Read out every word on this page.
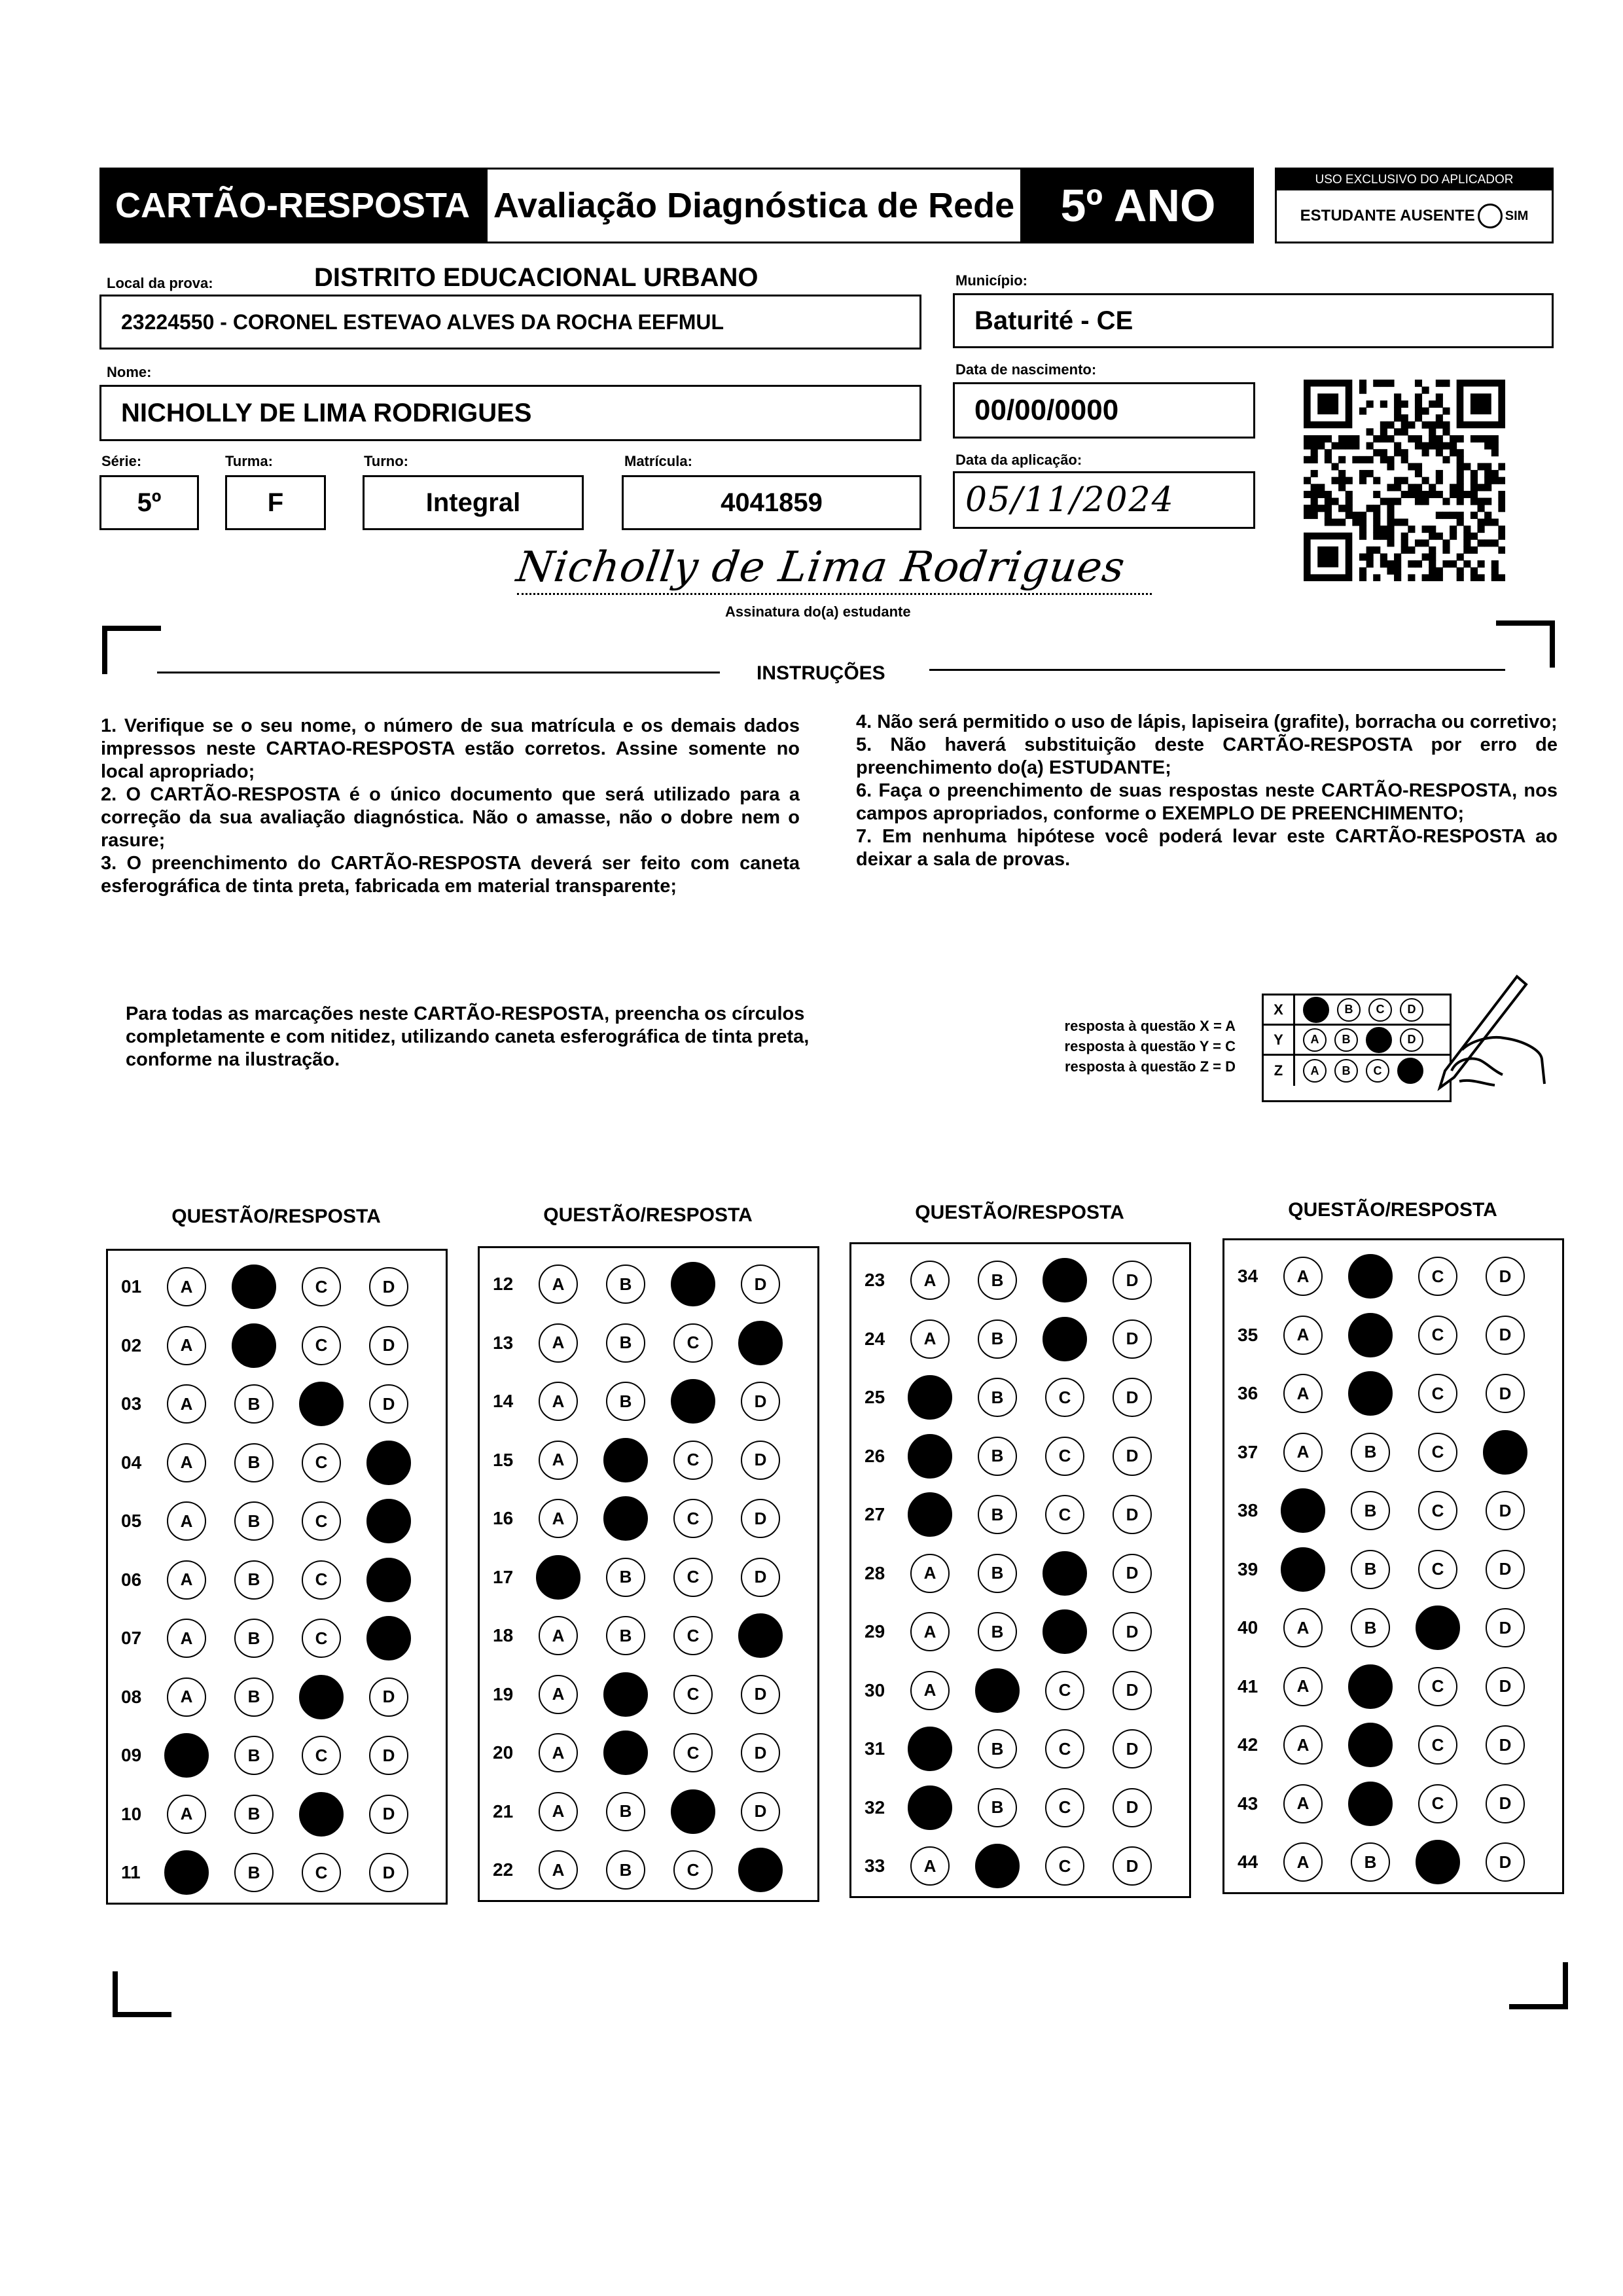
CARTÃO-RESPOSTA Avaliação Diagnóstica de Rede	5º ANO
USO EXCLUSIVO DO APLICADOR
ESTUDANTE AUSENTE SIM
Local da prova:	DISTRITO EDUCACIONAL URBANO
23224550 - CORONEL ESTEVAO ALVES DA ROCHA EEFMUL
Município:
Baturité - CE
Nome:
NICHOLLY DE LIMA RODRIGUES
Data de nascimento:
00/00/0000
Série:
5º
Turma:
F
Turno:
Integral
Matrícula:
4041859
Data da aplicação:
05/11/2024
Nicholly de Lima Rodrigues
Assinatura do(a) estudante
INSTRUÇÕES

1. Verifique se o seu nome, o número de sua matrícula e os demais dados impressos neste CARTAO-RESPOSTA estão corretos. Assine somente no local apropriado;

2. O CARTÃO-RESPOSTA é o único documento que será utilizado para a correção da sua avaliação diagnóstica. Não o amasse, não o dobre nem o rasure;

3. O preenchimento do CARTÃO-RESPOSTA deverá ser feito com caneta esferográfica de tinta preta, fabricada em material transparente;

4. Não será permitido o uso de lápis, lapiseira (grafite), borracha ou corretivo;

5. Não haverá substituição deste CARTÃO-RESPOSTA por erro de preenchimento do(a) ESTUDANTE;

6. Faça o preenchimento de suas respostas neste CARTÃO-RESPOSTA, nos campos apropriados, conforme o EXEMPLO DE PREENCHIMENTO;

7. Em nenhuma hipótese você poderá levar este CARTÃO-RESPOSTA ao deixar a sala de provas.

Para todas as marcações neste CARTÃO-RESPOSTA, preencha os círculos completamente e com nitidez, utilizando caneta esferográfica de tinta preta, conforme na ilustração.

resposta à questão X = A
resposta à questão Y = C
resposta à questão Z = D
X	B	C	D
Y	A	B	D
Z	A	B	C
QUESTÃO/RESPOSTA
01	A	C	D
02	A	C	D
03	A	B	D
04	A	B	C
05	A	B	C
06	A	B	C
07	A	B	C
08	A	B	D
09	B	C	D
10	A	B	D
11	B	C	D
QUESTÃO/RESPOSTA
12	A	B	D
13	A	B	C
14	A	B	D
15	A	C	D
16	A	C	D
17	B	C	D
18	A	B	C
19	A	C	D
20	A	C	D
21	A	B	D
22	A	B	C
QUESTÃO/RESPOSTA
23	A	B	D
24	A	B	D
25	B	C	D
26	B	C	D
27	B	C	D
28	A	B	D
29	A	B	D
30	A	C	D
31	B	C	D
32	B	C	D
33	A	C	D
QUESTÃO/RESPOSTA
34	A	C	D
35	A	C	D
36	A	C	D
37	A	B	C
38	B	C	D
39	B	C	D
40	A	B	D
41	A	C	D
42	A	C	D
43	A	C	D
44	A	B	D
